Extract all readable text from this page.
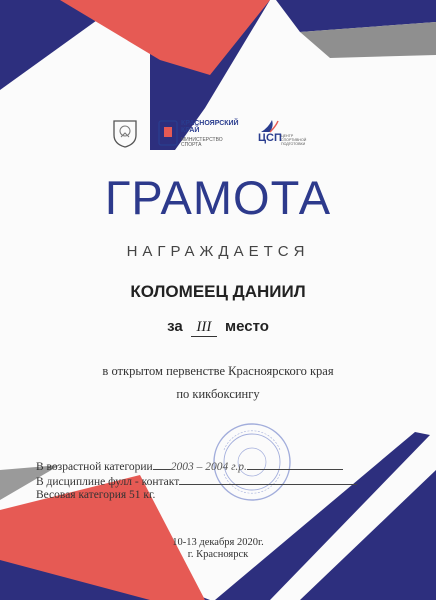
КРАСНОЯРСКИЙ
КРАЙ
МИНИСТЕРСТВО
СПОРТА
ЦСП ЦЕНТР
СПОРТИВНОЙ
ПОДГОТОВКИ
ГРАМОТА
НАГРАЖДАЕТСЯ
КОЛОМЕЕЦ ДАНИИЛ
за III место
в открытом первенстве Красноярского края
по кикбоксингу
В возрастной категории 2003 – 2004 г.р.
В дисциплине фулл - контакт
Весовая категория 51 кг.
10-13 декабря 2020г.
г. Красноярск
